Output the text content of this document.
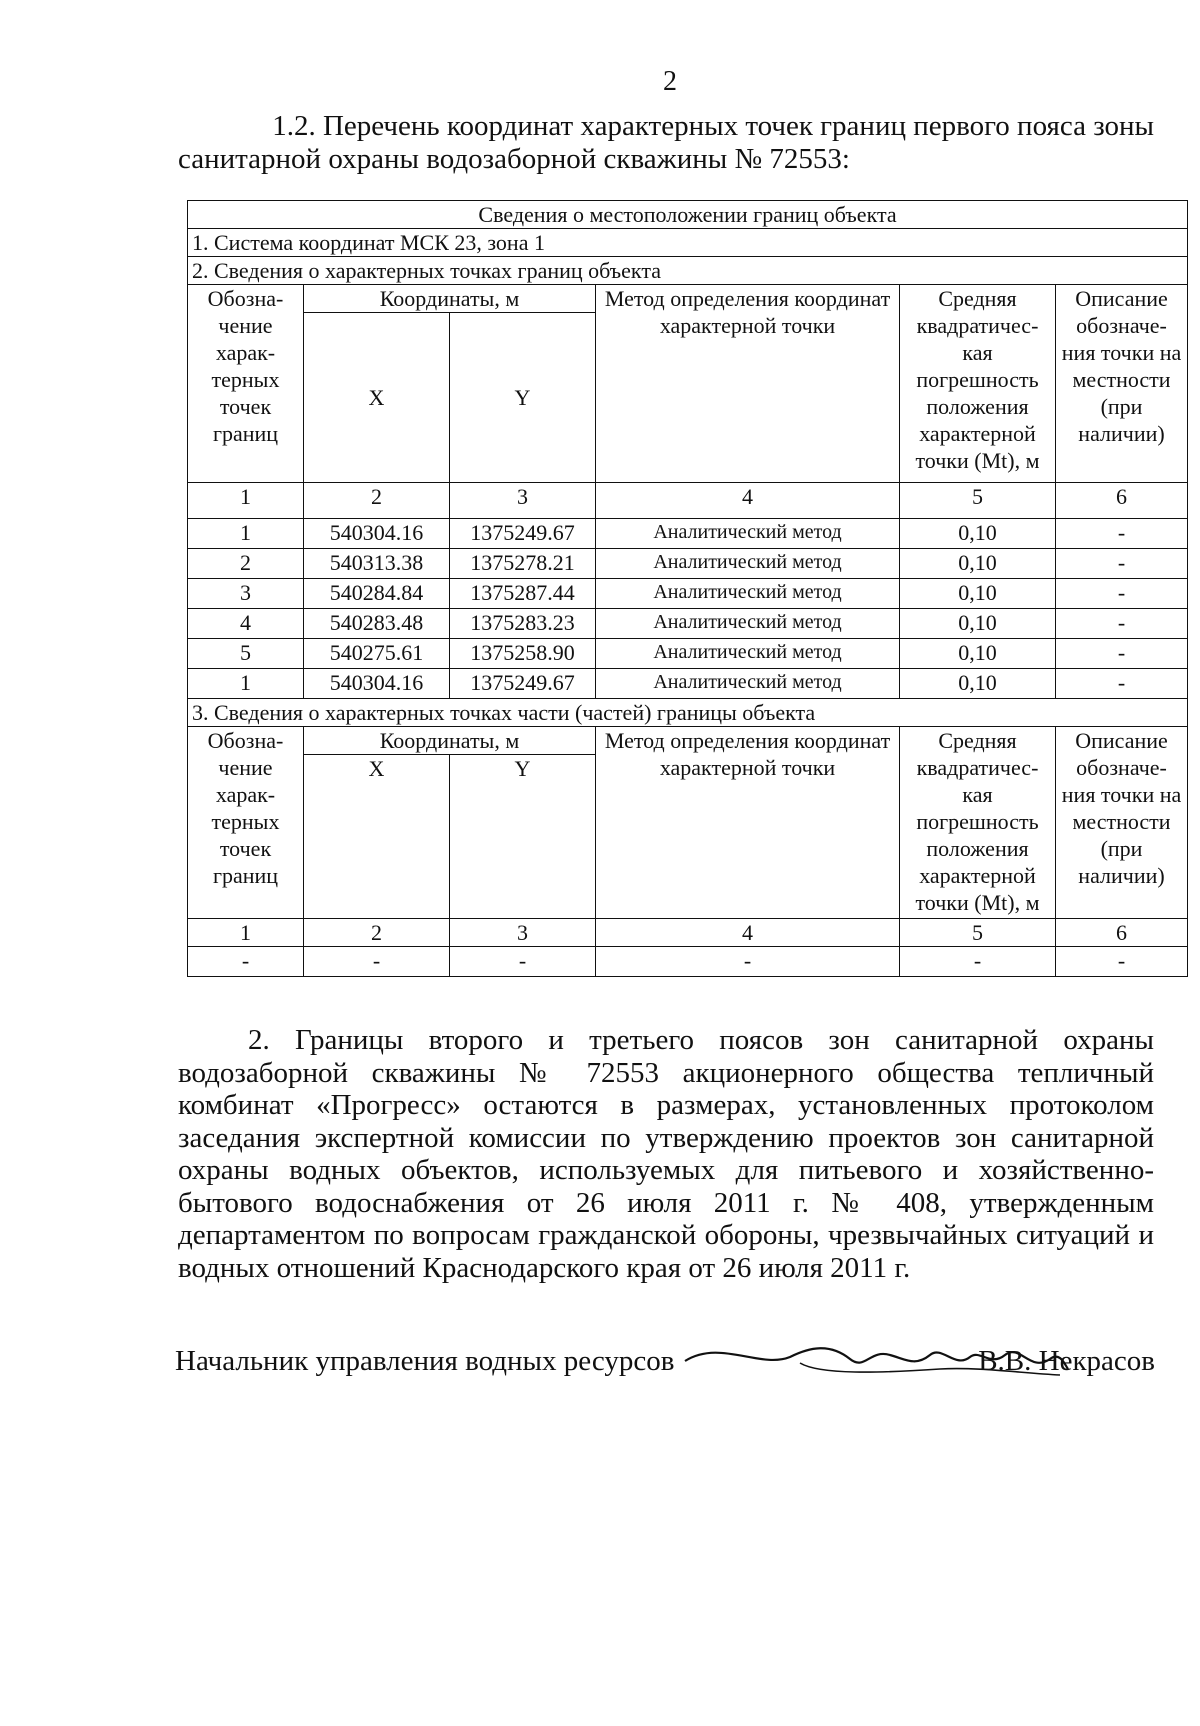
2
1.2. Перечень координат характерных точек границ первого пояса зоны
санитарной охраны водозаборной скважины № 72553:
Сведения о местоположении границ объекта					
1. Система координат МСК 23, зона 1					
2. Сведения о характерных точках границ объекта					
Обозна- чение харак- терных точек границ	Координаты, м		Метод определения координат характерной точки	Средняя квадратичес- кая погрешность положения характерной точки (Mt), м	Описание обозначе- ния точки на местности (при наличии)
	X	Y			
1	2	3	4	5	6
1	540304.16	1375249.67	Аналитический метод	0,10	-
2	540313.38	1375278.21	Аналитический метод	0,10	-
3	540284.84	1375287.44	Аналитический метод	0,10	-
4	540283.48	1375283.23	Аналитический метод	0,10	-
5	540275.61	1375258.90	Аналитический метод	0,10	-
1	540304.16	1375249.67	Аналитический метод	0,10	-
3. Сведения о характерных точках части (частей) границы объекта					
Обозна- чение харак- терных точек границ	Координаты, м		Метод определения координат характерной точки	Средняя квадратичес- кая погрешность положения характерной точки (Mt), м	Описание обозначе- ния точки на местности (при наличии)
	X	Y			
1	2	3	4	5	6
-	-	-	-	-	-
2. Границы второго и третьего поясов зон санитарной охраны водозаборной скважины № 72553 акционерного общества тепличный комбинат «Прогресс» остаются в размерах, установленных протоколом заседания экспертной комиссии по утверждению проектов зон санитарной охраны водных объектов, используемых для питьевого и хозяйственно-бытового водоснабжения от 26 июля 2011 г. № 408, утвержденным департаментом по вопросам гражданской обороны, чрезвычайных ситуаций и водных отношений Краснодарского края от 26 июля 2011 г.
Начальник управления водных ресурсов	В.В. Некрасов
